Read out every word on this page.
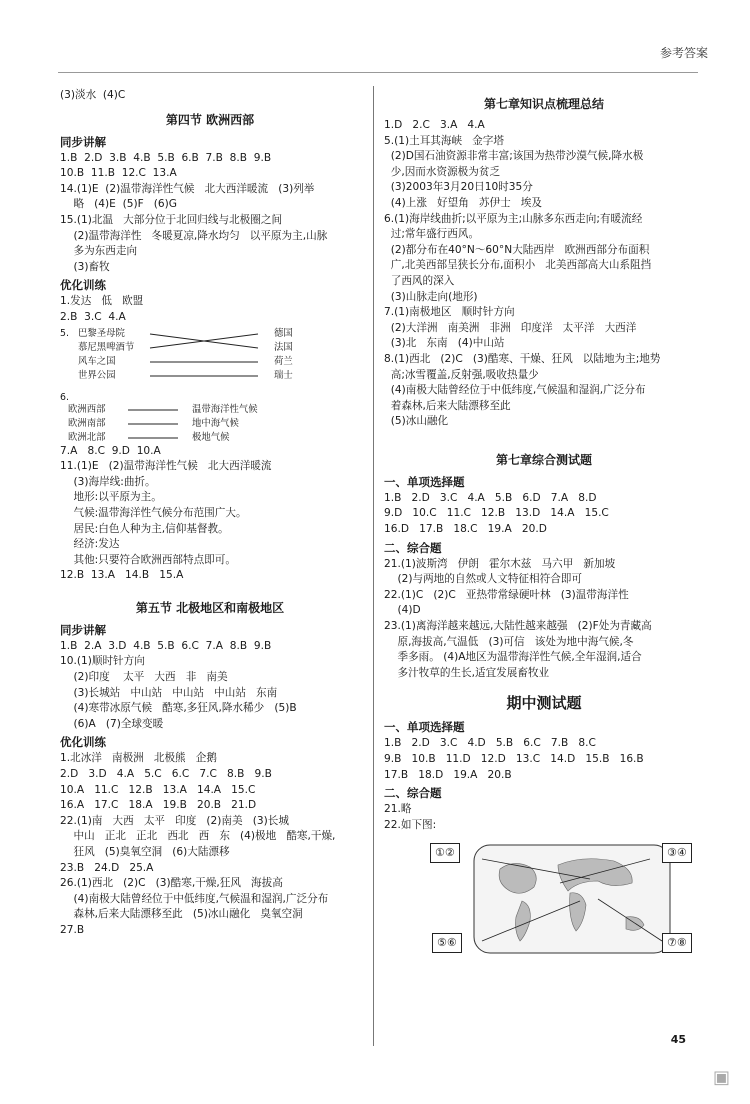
参考答案
(3)淡水  (4)C
第四节 欧洲西部
同步讲解
1.B  2.D  3.B  4.B  5.B  6.B  7.B  8.B  9.B
10.B  11.B  12.C  13.A
14.(1)E  (2)温带海洋性气候   北大西洋暖流   (3)列举
略   (4)E  (5)F   (6)G
15.(1)北温   大部分位于北回归线与北极圈之间
(2)温带海洋性   冬暖夏凉,降水均匀   以平原为主,山脉
多为东西走向
(3)畜牧
优化训练
1.发达   低   欧盟
2.B  3.C  4.A
5. 巴黎圣母院
慕尼黑啤酒节
风车之国
世界公园
德国
法国
荷兰
瑞士
6.
欧洲西部
欧洲南部
欧洲北部
温带海洋性气候
地中海气候
极地气候
7.A   8.C  9.D  10.A
11.(1)E   (2)温带海洋性气候   北大西洋暖流
(3)海岸线:曲折。
地形:以平原为主。
气候:温带海洋性气候分布范围广大。
居民:白色人种为主,信仰基督教。
经济:发达
其他:只要符合欧洲西部特点即可。
12.B  13.A   14.B   15.A
第五节 北极地区和南极地区
同步讲解
1.B  2.A  3.D  4.B  5.B  6.C  7.A  8.B  9.B
10.(1)顺时针方向
(2)印度    太平   大西   非   南美
(3)长城站   中山站   中山站   中山站   东南
(4)寒带冰原气候   酷寒,多狂风,降水稀少   (5)B
(6)A   (7)全球变暖
优化训练
1.北冰洋   南极洲   北极熊   企鹅
2.D   3.D   4.A   5.C   6.C   7.C   8.B   9.B
10.A   11.C   12.B   13.A   14.A   15.C
16.A   17.C   18.A   19.B   20.B   21.D
22.(1)南   大西   太平   印度   (2)南美   (3)长城
中山   正北   正北   西北   西   东   (4)极地   酷寒,干燥,
狂风   (5)臭氧空洞   (6)大陆漂移
23.B   24.D   25.A
26.(1)西北   (2)C   (3)酷寒,干燥,狂风   海拔高
(4)南极大陆曾经位于中低纬度,气候温和湿润,广泛分布
森林,后来大陆漂移至此   (5)冰山融化   臭氧空洞
27.B
第七章知识点梳理总结
1.D   2.C   3.A   4.A
5.(1)土耳其海峡   金字塔
(2)D国石油资源非常丰富;该国为热带沙漠气候,降水极
少,因而水资源极为贫乏
(3)2003年3月20日10时35分
(4)上涨   好望角   苏伊士   埃及
6.(1)海岸线曲折;以平原为主;山脉多东西走向;有暖流经
过;常年盛行西风。
(2)都分布在40°N～60°N大陆西岸   欧洲西部分布面积
广,北美西部呈狭长分布,面积小   北美西部高大山系阻挡
了西风的深入
(3)山脉走向(地形)
7.(1)南极地区   顺时针方向
(2)大洋洲   南美洲   非洲   印度洋   太平洋   大西洋
(3)北   东南   (4)中山站
8.(1)西北   (2)C   (3)酷寒、干燥、狂风   以陆地为主;地势
高;冰雪覆盖,反射强,吸收热量少
(4)南极大陆曾经位于中低纬度,气候温和湿润,广泛分布
着森林,后来大陆漂移至此
(5)冰山融化
第七章综合测试题
一、单项选择题
1.B   2.D   3.C   4.A   5.B   6.D   7.A   8.D
9.D   10.C   11.C   12.B   13.D   14.A   15.C
16.D   17.B   18.C   19.A   20.D
二、综合题
21.(1)波斯湾   伊朗   霍尔木兹   马六甲   新加坡
(2)与两地的自然或人文特征相符合即可
22.(1)C   (2)C   亚热带常绿硬叶林   (3)温带海洋性
(4)D
23.(1)离海洋越来越远,大陆性越来越强   (2)F处为青藏高
原,海拔高,气温低   (3)可信   该处为地中海气候,冬
季多雨。 (4)A地区为温带海洋性气候,全年湿润,适合
多汁牧草的生长,适宜发展畜牧业
期中测试题
一、单项选择题
1.B   2.D   3.C   4.D   5.B   6.C   7.B   8.C
9.B   10.B   11.D   12.D   13.C   14.D   15.B   16.B
17.B   18.D   19.A   20.B
二、综合题
21.略
22.如下图:
①②	③④
⑤⑥	⑦⑧
45
▣
